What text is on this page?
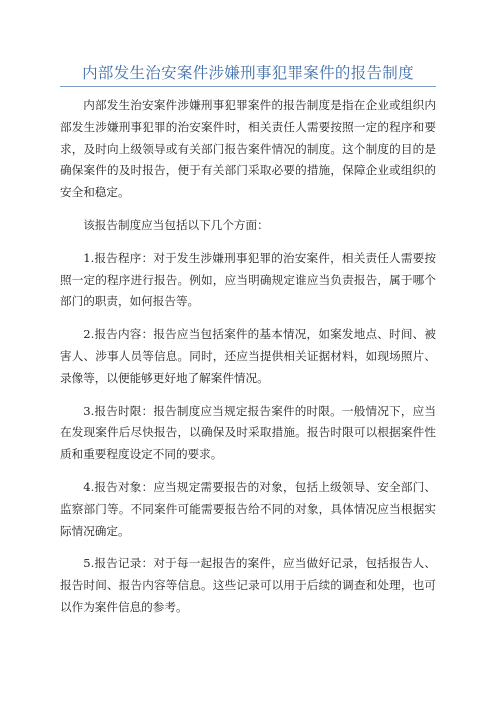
内部发生治安案件涉嫌刑事犯罪案件的报告制度

内部发生治安案件涉嫌刑事犯罪案件的报告制度是指在企业或组织内部发生涉嫌刑事犯罪的治安案件时，相关责任人需要按照一定的程序和要求，及时向上级领导或有关部门报告案件情况的制度。这个制度的目的是确保案件的及时报告，便于有关部门采取必要的措施，保障企业或组织的安全和稳定。

该报告制度应当包括以下几个方面：

1.报告程序：对于发生涉嫌刑事犯罪的治安案件，相关责任人需要按照一定的程序进行报告。例如，应当明确规定谁应当负责报告，属于哪个部门的职责，如何报告等。

2.报告内容：报告应当包括案件的基本情况，如案发地点、时间、被害人、涉事人员等信息。同时，还应当提供相关证据材料，如现场照片、录像等，以便能够更好地了解案件情况。

3.报告时限：报告制度应当规定报告案件的时限。一般情况下，应当在发现案件后尽快报告，以确保及时采取措施。报告时限可以根据案件性质和重要程度设定不同的要求。

4.报告对象：应当规定需要报告的对象，包括上级领导、安全部门、监察部门等。不同案件可能需要报告给不同的对象，具体情况应当根据实际情况确定。

5.报告记录：对于每一起报告的案件，应当做好记录，包括报告人、报告时间、报告内容等信息。这些记录可以用于后续的调查和处理，也可以作为案件信息的参考。
